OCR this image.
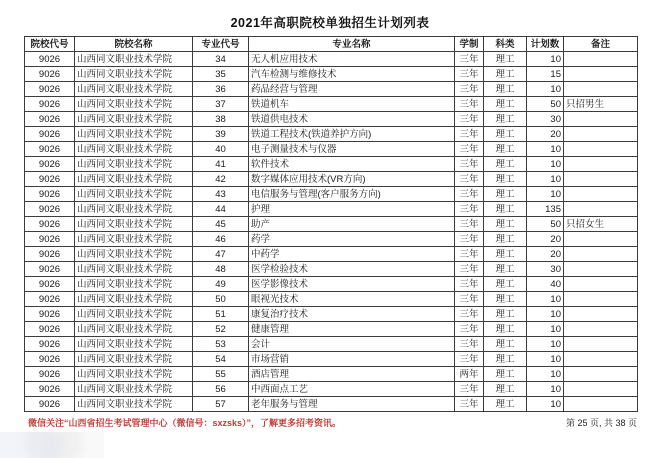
2021年高职院校单独招生计划列表
院校代号	院校名称	专业代号	专业名称	学制	科类	计划数	备注
9026	山西同文职业技术学院	34	无人机应用技术	三年	理工	10	
9026	山西同文职业技术学院	35	汽车检测与维修技术	三年	理工	15	
9026	山西同文职业技术学院	36	药品经营与管理	三年	理工	10	
9026	山西同文职业技术学院	37	铁道机车	三年	理工	50	只招男生
9026	山西同文职业技术学院	38	铁道供电技术	三年	理工	30	
9026	山西同文职业技术学院	39	铁道工程技术(铁道养护方向)	三年	理工	20	
9026	山西同文职业技术学院	40	电子测量技术与仪器	三年	理工	10	
9026	山西同文职业技术学院	41	软件技术	三年	理工	10	
9026	山西同文职业技术学院	42	数字媒体应用技术(VR方向)	三年	理工	10	
9026	山西同文职业技术学院	43	电信服务与管理(客户服务方向)	三年	理工	10	
9026	山西同文职业技术学院	44	护理	三年	理工	135	
9026	山西同文职业技术学院	45	助产	三年	理工	50	只招女生
9026	山西同文职业技术学院	46	药学	三年	理工	20	
9026	山西同文职业技术学院	47	中药学	三年	理工	20	
9026	山西同文职业技术学院	48	医学检验技术	三年	理工	30	
9026	山西同文职业技术学院	49	医学影像技术	三年	理工	40	
9026	山西同文职业技术学院	50	眼视光技术	三年	理工	10	
9026	山西同文职业技术学院	51	康复治疗技术	三年	理工	10	
9026	山西同文职业技术学院	52	健康管理	三年	理工	10	
9026	山西同文职业技术学院	53	会计	三年	理工	10	
9026	山西同文职业技术学院	54	市场营销	三年	理工	10	
9026	山西同文职业技术学院	55	酒店管理	两年	理工	10	
9026	山西同文职业技术学院	56	中西面点工艺	三年	理工	10	
9026	山西同文职业技术学院	57	老年服务与管理	三年	理工	10	
微信关注“山西省招生考试管理中心（微信号：sxzsks）”，了解更多招考资讯。	第 25 页, 共 38 页
